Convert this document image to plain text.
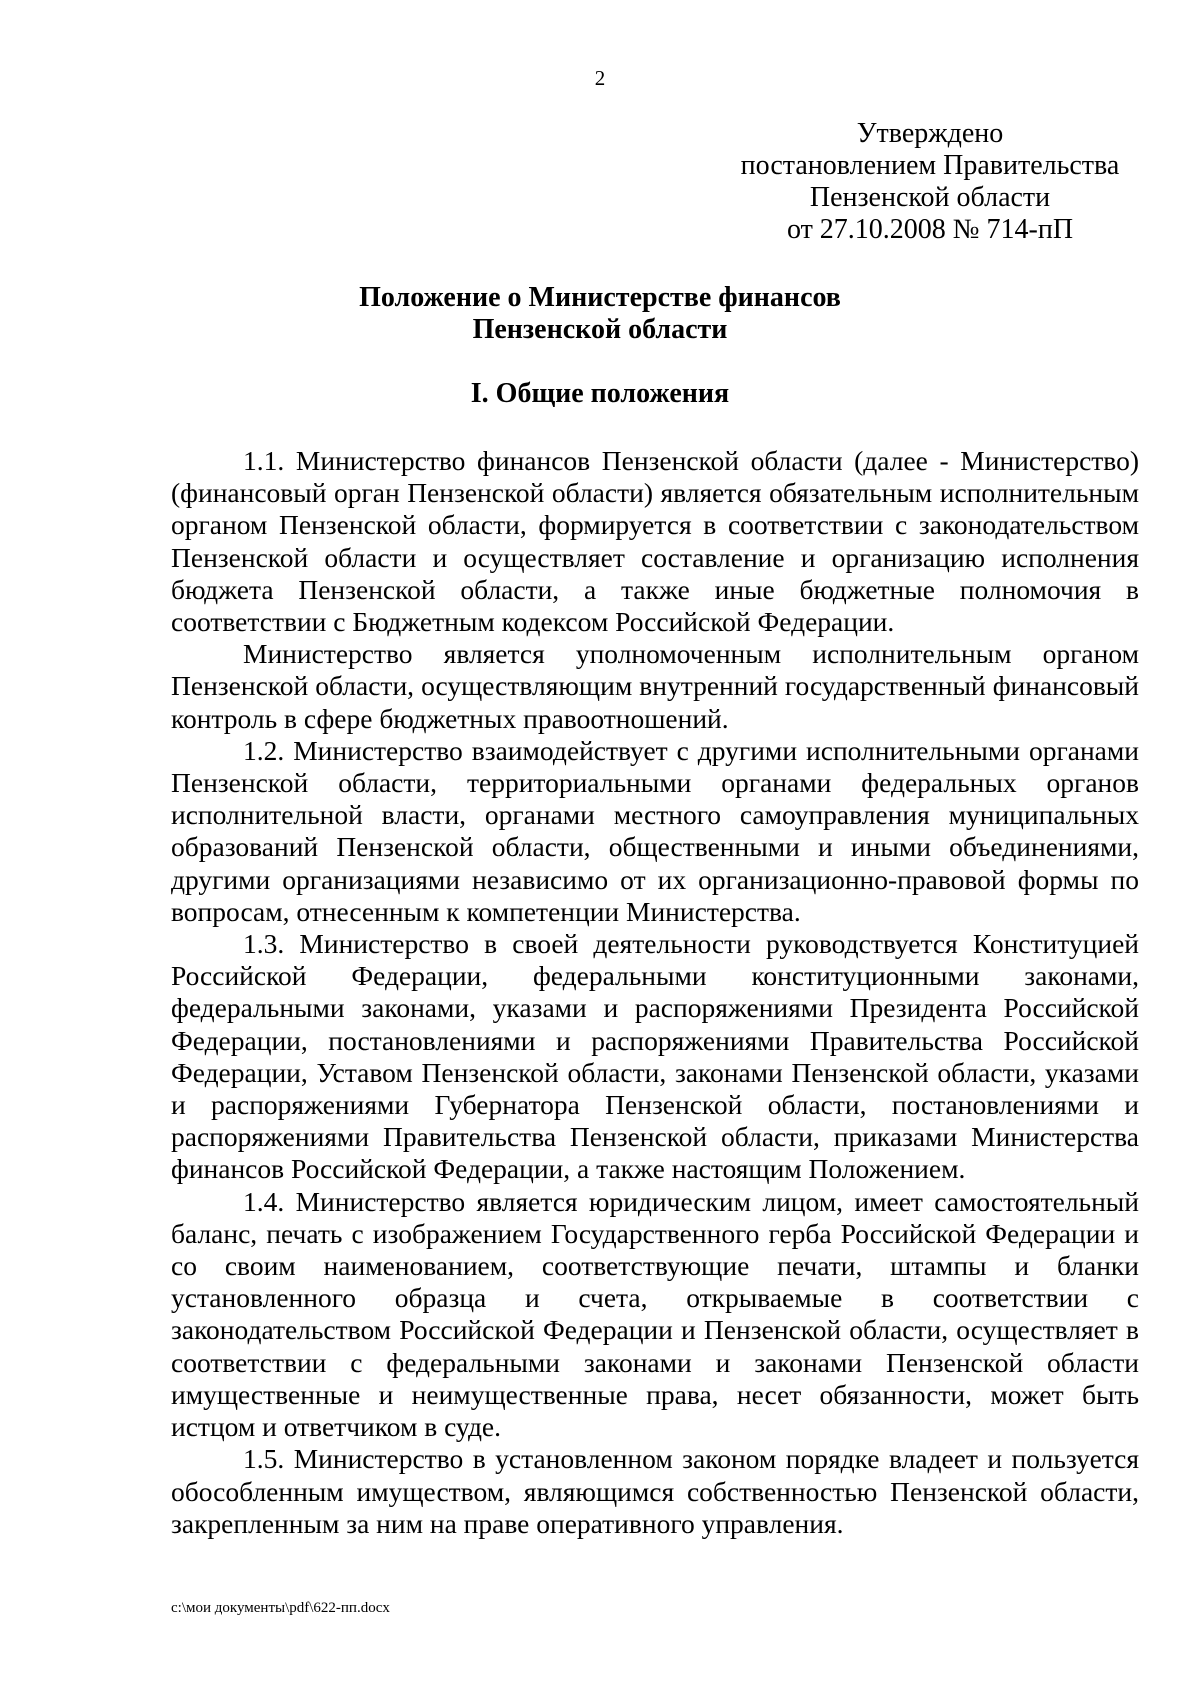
2
Утверждено
постановлением Правительства
Пензенской области
от 27.10.2008 № 714-пП
Положение о Министерстве финансов
Пензенской области
I. Общие положения

1.1. Министерство финансов Пензенской области (далее - Министерство) (финансовый орган Пензенской области) является обязательным исполнительным органом Пензенской области, формируется в соответствии с законодательством Пензенской области и осуществляет составление и организацию исполнения бюджета Пензенской области, а также иные бюджетные полномочия в соответствии с Бюджетным кодексом Российской Федерации.

Министерство является уполномоченным исполнительным органом Пензенской области, осуществляющим внутренний государственный финансовый контроль в сфере бюджетных правоотношений.

1.2. Министерство взаимодействует с другими исполнительными органами Пензенской области, территориальными органами федеральных органов исполнительной власти, органами местного самоуправления муниципальных образований Пензенской области, общественными и иными объединениями, другими организациями независимо от их организационно-правовой формы по вопросам, отнесенным к компетенции Министерства.

1.3. Министерство в своей деятельности руководствуется Конституцией Российской Федерации, федеральными конституционными законами, федеральными законами, указами и распоряжениями Президента Российской Федерации, постановлениями и распоряжениями Правительства Российской Федерации, Уставом Пензенской области, законами Пензенской области, указами и распоряжениями Губернатора Пензенской области, постановлениями и распоряжениями Правительства Пензенской области, приказами Министерства финансов Российской Федерации, а также настоящим Положением.

1.4. Министерство является юридическим лицом, имеет самостоятельный баланс, печать с изображением Государственного герба Российской Федерации и со своим наименованием, соответствующие печати, штампы и бланки установленного образца и счета, открываемые в соответствии с законодательством Российской Федерации и Пензенской области, осуществляет в соответствии с федеральными законами и законами Пензенской области имущественные и неимущественные права, несет обязанности, может быть истцом и ответчиком в суде.

1.5. Министерство в установленном законом порядке владеет и пользуется обособленным имуществом, являющимся собственностью Пензенской области, закрепленным за ним на праве оперативного управления.

c:\мои документы\pdf\622-пп.docx
